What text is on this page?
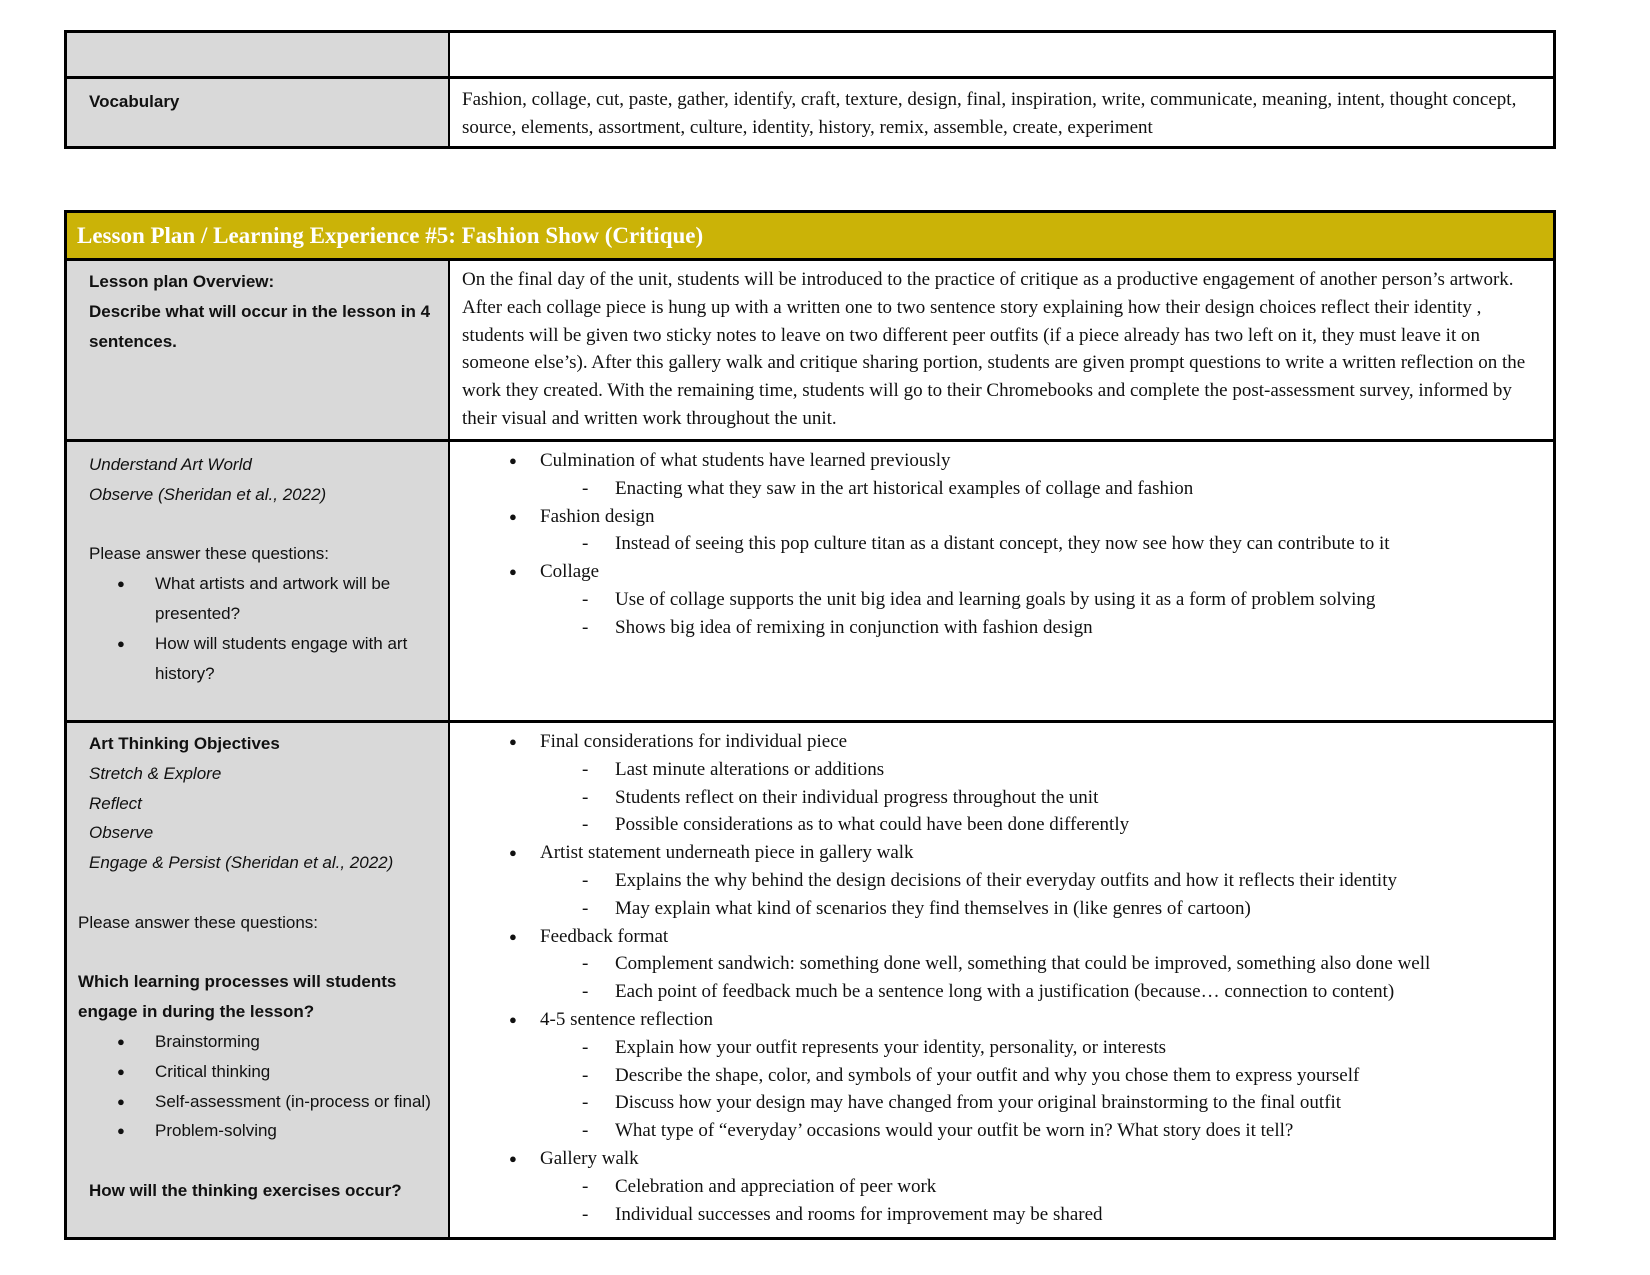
Vocabulary	Fashion, collage, cut, paste, gather, identify, craft, texture, design, final, inspiration, write, communicate, meaning, intent, thought concept, source, elements, assortment, culture, identity, history, remix, assemble, create, experiment
Lesson Plan / Learning Experience #5: Fashion Show (Critique)
Lesson plan Overview:
Describe what will occur in the lesson in 4 sentences.
On the final day of the unit, students will be introduced to the practice of critique as a productive engagement of another person’s artwork. After each collage piece is hung up with a written one to two sentence story explaining how their design choices reflect their identity , students will be given two sticky notes to leave on two different peer outfits (if a piece already has two left on it, they must leave it on someone else’s). After this gallery walk and critique sharing portion, students are given prompt questions to write a written reflection on the work they created. With the remaining time, students will go to their Chromebooks and complete the post-assessment survey, informed by their visual and written work throughout the unit.
Understand Art World
Observe (Sheridan et al., 2022)
Please answer these questions:
● What artists and artwork will be presented?
● How will students engage with art history?
● Culmination of what students have learned previously
- Enacting what they saw in the art historical examples of collage and fashion
● Fashion design
- Instead of seeing this pop culture titan as a distant concept, they now see how they can contribute to it
● Collage
- Use of collage supports the unit big idea and learning goals by using it as a form of problem solving
- Shows big idea of remixing in conjunction with fashion design
Art Thinking Objectives
Stretch & Explore
Reflect
Observe
Engage & Persist (Sheridan et al., 2022)
Please answer these questions:
Which learning processes will students engage in during the lesson?
● Brainstorming
● Critical thinking
● Self-assessment (in-process or final)
● Problem-solving
How will the thinking exercises occur?
● Final considerations for individual piece
- Last minute alterations or additions
- Students reflect on their individual progress throughout the unit
- Possible considerations as to what could have been done differently
● Artist statement underneath piece in gallery walk
- Explains the why behind the design decisions of their everyday outfits and how it reflects their identity
- May explain what kind of scenarios they find themselves in (like genres of cartoon)
● Feedback format
- Complement sandwich: something done well, something that could be improved, something also done well
- Each point of feedback much be a sentence long with a justification (because… connection to content)
● 4-5 sentence reflection
- Explain how your outfit represents your identity, personality, or interests
- Describe the shape, color, and symbols of your outfit and why you chose them to express yourself
- Discuss how your design may have changed from your original brainstorming to the final outfit
- What type of “everyday’ occasions would your outfit be worn in? What story does it tell?
● Gallery walk
- Celebration and appreciation of peer work
- Individual successes and rooms for improvement may be shared
